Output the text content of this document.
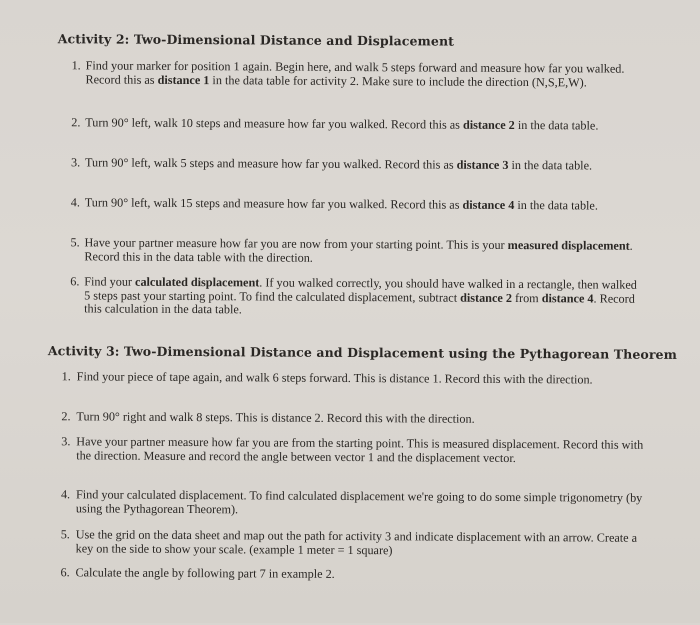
Activity 2: Two-Dimensional Distance and Displacement
1. Find your marker for position 1 again. Begin here, and walk 5 steps forward and measure how far you walked. Record this as distance 1 in the data table for activity 2. Make sure to include the direction (N,S,E,W).
2. Turn 90° left, walk 10 steps and measure how far you walked. Record this as distance 2 in the data table.
3. Turn 90° left, walk 5 steps and measure how far you walked. Record this as distance 3 in the data table.
4. Turn 90° left, walk 15 steps and measure how far you walked. Record this as distance 4 in the data table.
5. Have your partner measure how far you are now from your starting point. This is your measured displacement. Record this in the data table with the direction.
6. Find your calculated displacement. If you walked correctly, you should have walked in a rectangle, then walked 5 steps past your starting point. To find the calculated displacement, subtract distance 2 from distance 4. Record this calculation in the data table.
Activity 3: Two-Dimensional Distance and Displacement using the Pythagorean Theorem
1. Find your piece of tape again, and walk 6 steps forward. This is distance 1. Record this with the direction.
2. Turn 90° right and walk 8 steps. This is distance 2. Record this with the direction.
3. Have your partner measure how far you are from the starting point. This is measured displacement. Record this with the direction. Measure and record the angle between vector 1 and the displacement vector.
4. Find your calculated displacement. To find calculated displacement we're going to do some simple trigonometry (by using the Pythagorean Theorem).
5. Use the grid on the data sheet and map out the path for activity 3 and indicate displacement with an arrow. Create a key on the side to show your scale. (example 1 meter = 1 square)
6. Calculate the angle by following part 7 in example 2.
